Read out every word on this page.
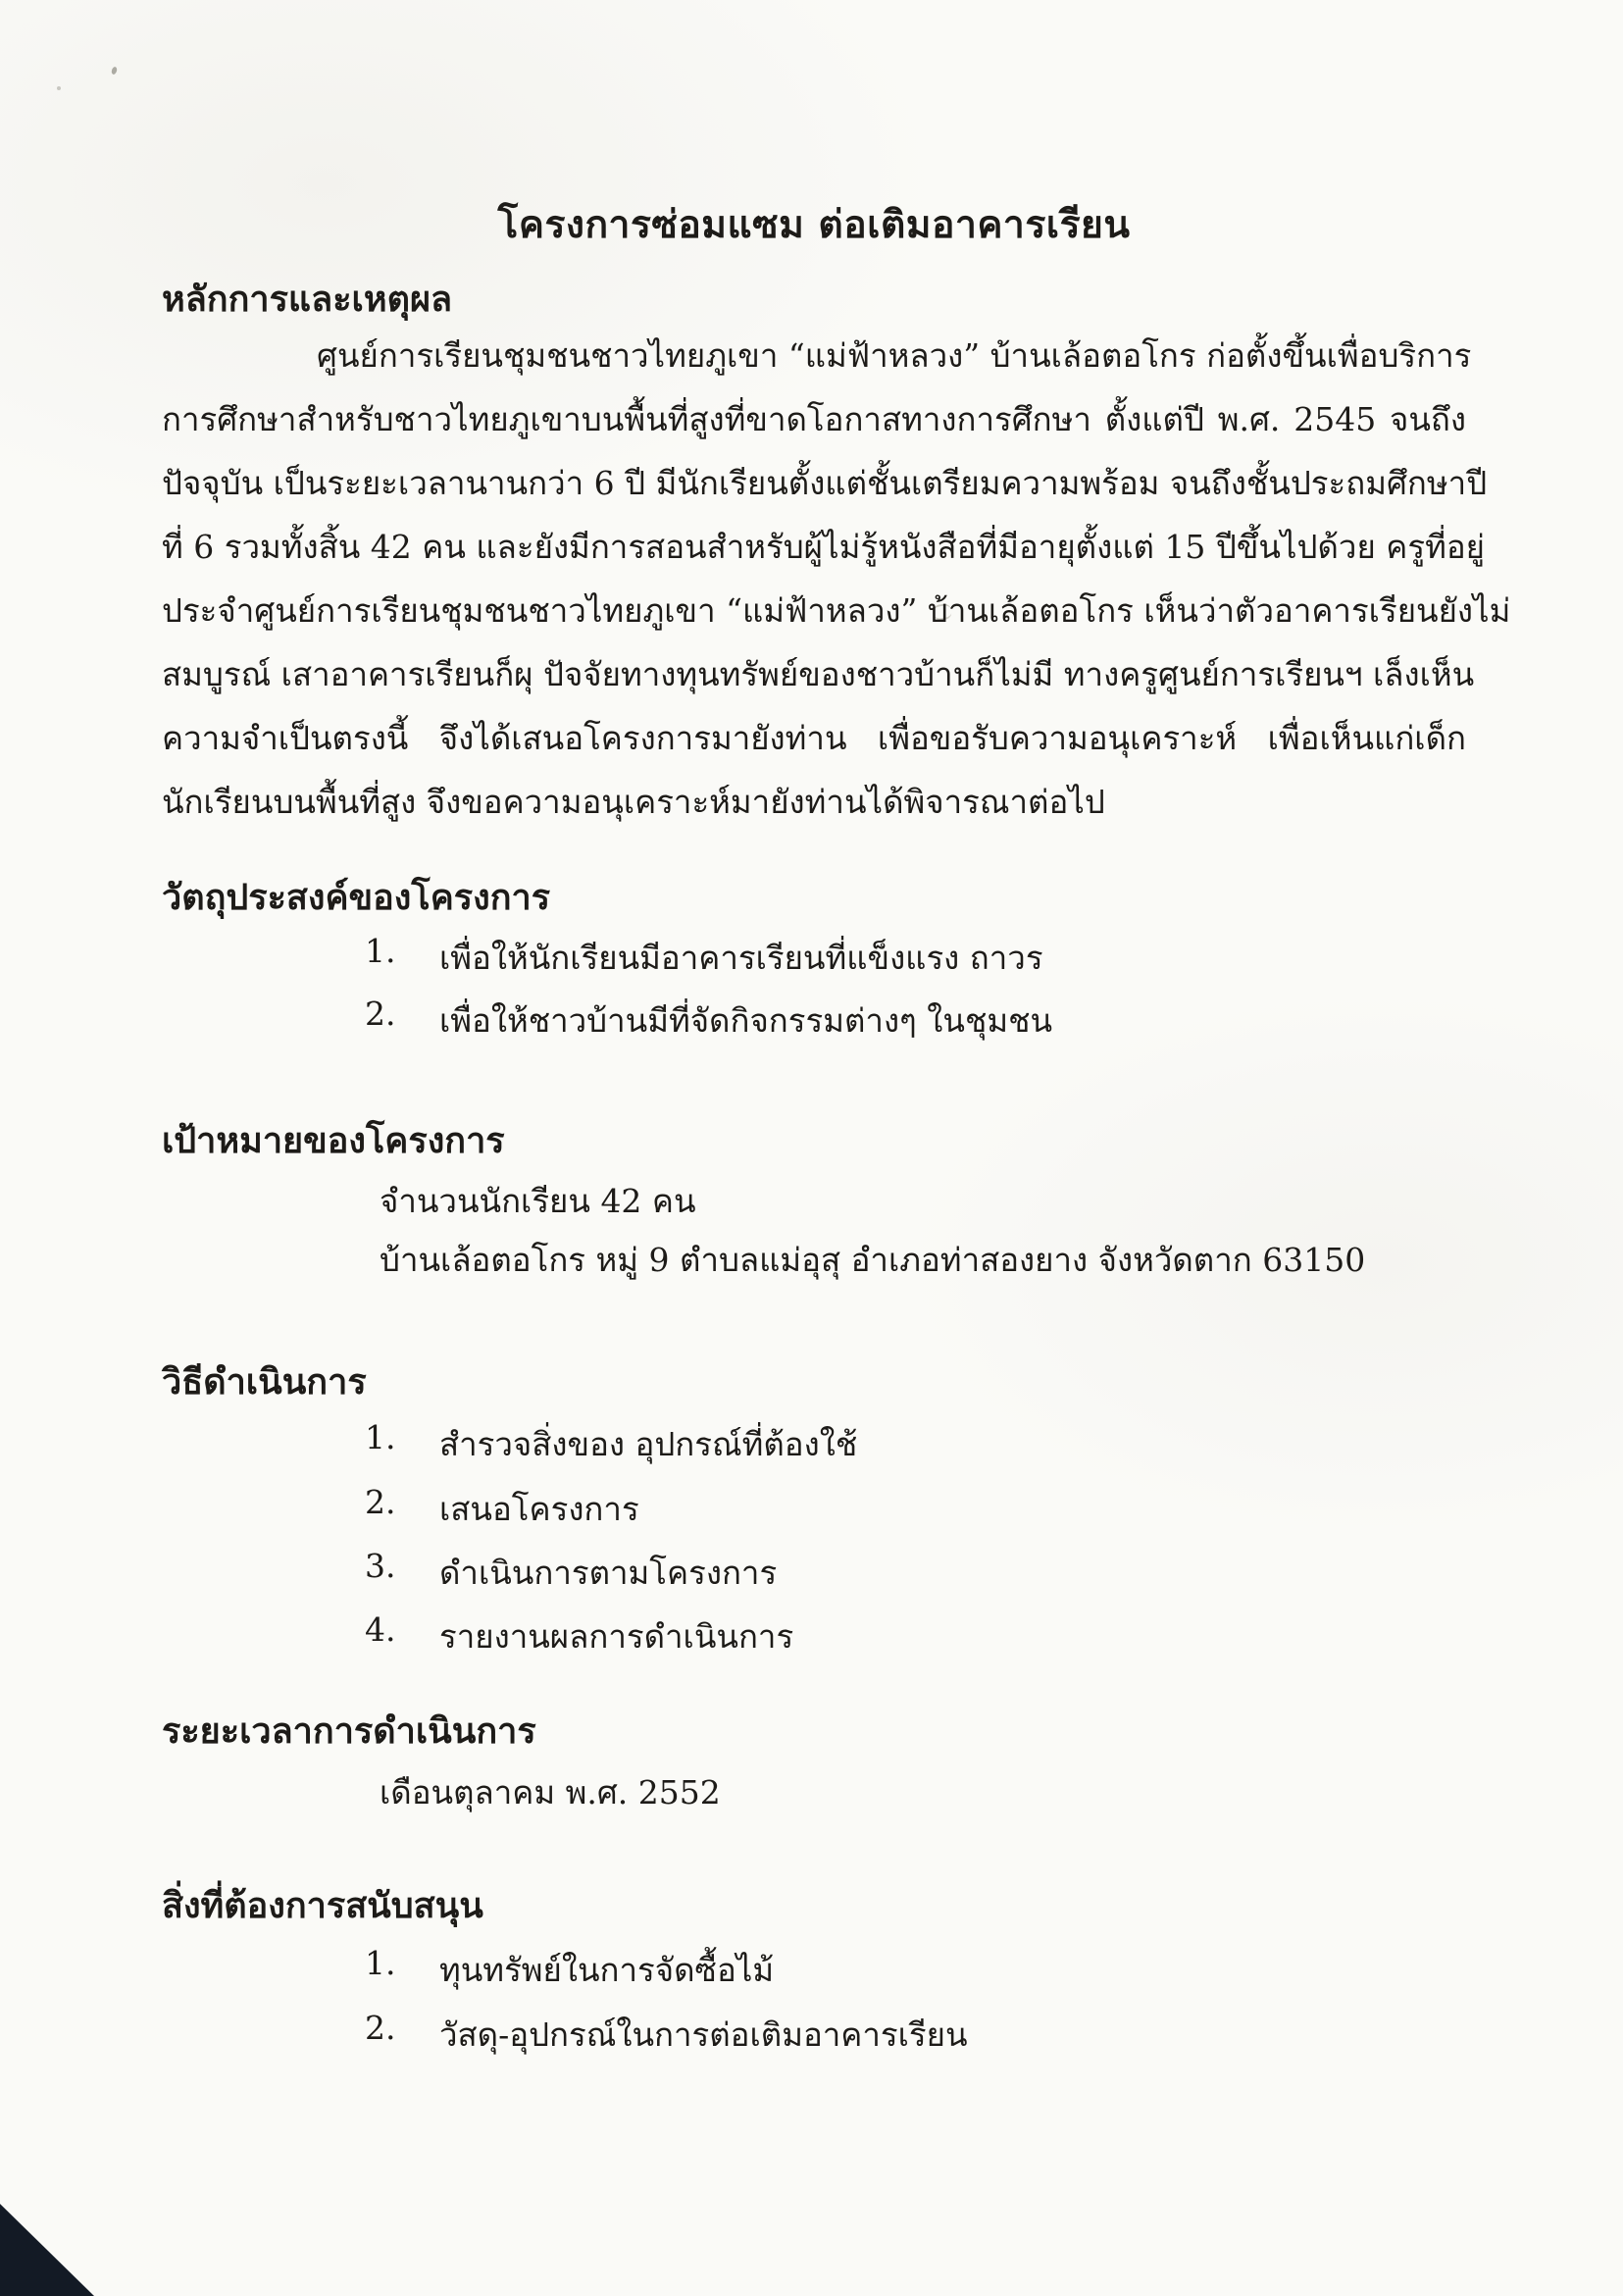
โครงการซ่อมแซม ต่อเติมอาคารเรียน
หลักการและเหตุผล
ศูนย์การเรียนชุมชนชาวไทยภูเขา “แม่ฟ้าหลวง” บ้านเล้อตอโกร ก่อตั้งขึ้นเพื่อบริการ
การศึกษาสำหรับชาวไทยภูเขาบนพื้นที่สูงที่ขาดโอกาสทางการศึกษา ตั้งแต่ปี พ.ศ. 2545 จนถึง
ปัจจุบัน เป็นระยะเวลานานกว่า 6 ปี มีนักเรียนตั้งแต่ชั้นเตรียมความพร้อม จนถึงชั้นประถมศึกษาปี
ที่ 6 รวมทั้งสิ้น 42 คน และยังมีการสอนสำหรับผู้ไม่รู้หนังสือที่มีอายุตั้งแต่ 15 ปีขึ้นไปด้วย ครูที่อยู่
ประจำศูนย์การเรียนชุมชนชาวไทยภูเขา “แม่ฟ้าหลวง” บ้านเล้อตอโกร เห็นว่าตัวอาคารเรียนยังไม่
สมบูรณ์ เสาอาคารเรียนก็ผุ ปัจจัยทางทุนทรัพย์ของชาวบ้านก็ไม่มี ทางครูศูนย์การเรียนฯ เล็งเห็น
ความจำเป็นตรงนี้ จึงได้เสนอโครงการมายังท่าน เพื่อขอรับความอนุเคราะห์ เพื่อเห็นแก่เด็ก
นักเรียนบนพื้นที่สูง จึงขอความอนุเคราะห์มายังท่านได้พิจารณาต่อไป
วัตถุประสงค์ของโครงการ
1.	เพื่อให้นักเรียนมีอาคารเรียนที่แข็งแรง ถาวร
2.	เพื่อให้ชาวบ้านมีที่จัดกิจกรรมต่างๆ ในชุมชน
เป้าหมายของโครงการ
จำนวนนักเรียน 42 คน
บ้านเล้อตอโกร หมู่ 9 ตำบลแม่อุสุ อำเภอท่าสองยาง จังหวัดตาก 63150
วิธีดำเนินการ
1.	สำรวจสิ่งของ อุปกรณ์ที่ต้องใช้
2.	เสนอโครงการ
3.	ดำเนินการตามโครงการ
4.	รายงานผลการดำเนินการ
ระยะเวลาการดำเนินการ
เดือนตุลาคม พ.ศ. 2552
สิ่งที่ต้องการสนับสนุน
1.	ทุนทรัพย์ในการจัดซื้อไม้
2.	วัสดุ-อุปกรณ์ในการต่อเติมอาคารเรียน
